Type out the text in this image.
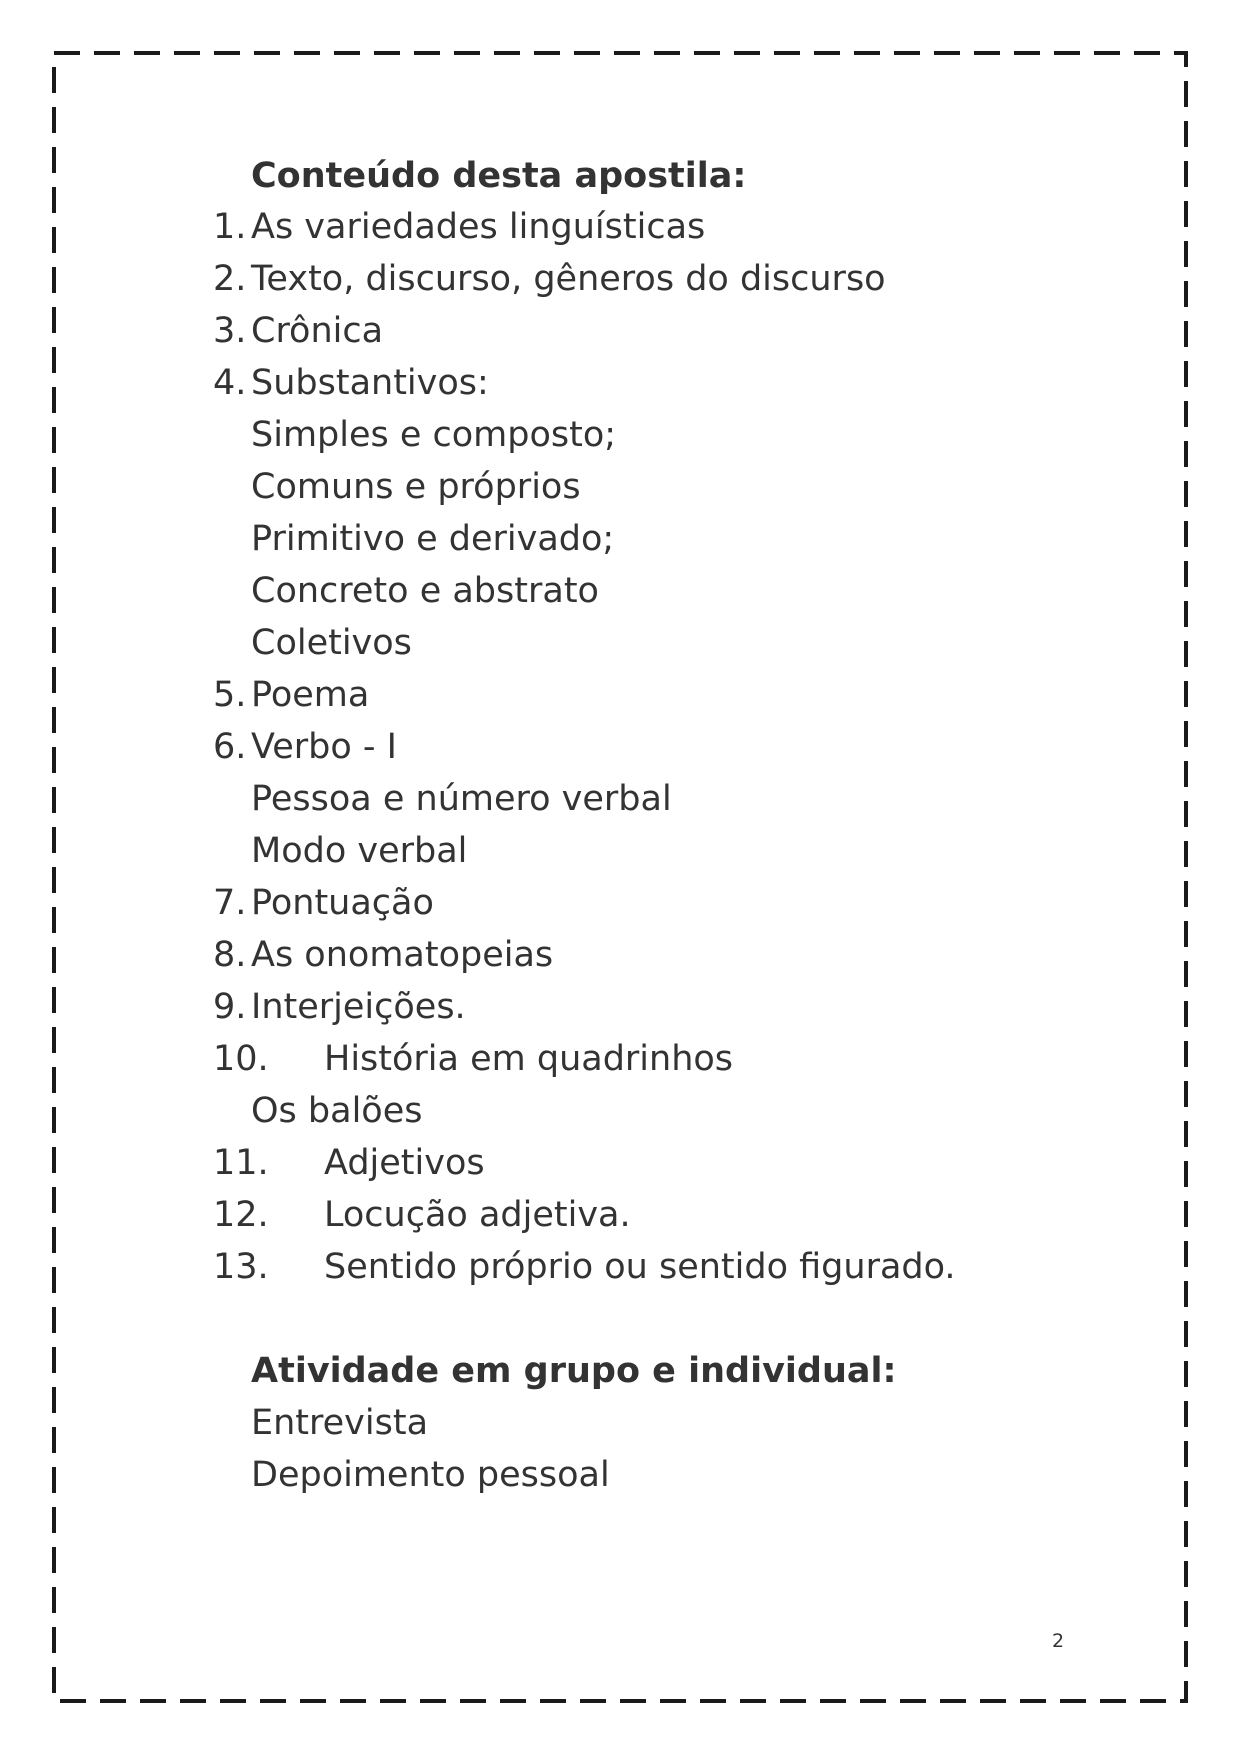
Conteúdo desta apostila:
1. As variedades linguísticas
2. Texto, discurso, gêneros do discurso
3. Crônica
4. Substantivos:
Simples e composto;
Comuns e próprios
Primitivo e derivado;
Concreto e abstrato
Coletivos
5. Poema
6. Verbo - I
Pessoa e número verbal
Modo verbal
7. Pontuação
8. As onomatopeias
9. Interjeições.
10. História em quadrinhos
Os balões
11. Adjetivos
12. Locução adjetiva.
13. Sentido próprio ou sentido figurado.
Atividade em grupo e individual:
Entrevista
Depoimento pessoal
2
